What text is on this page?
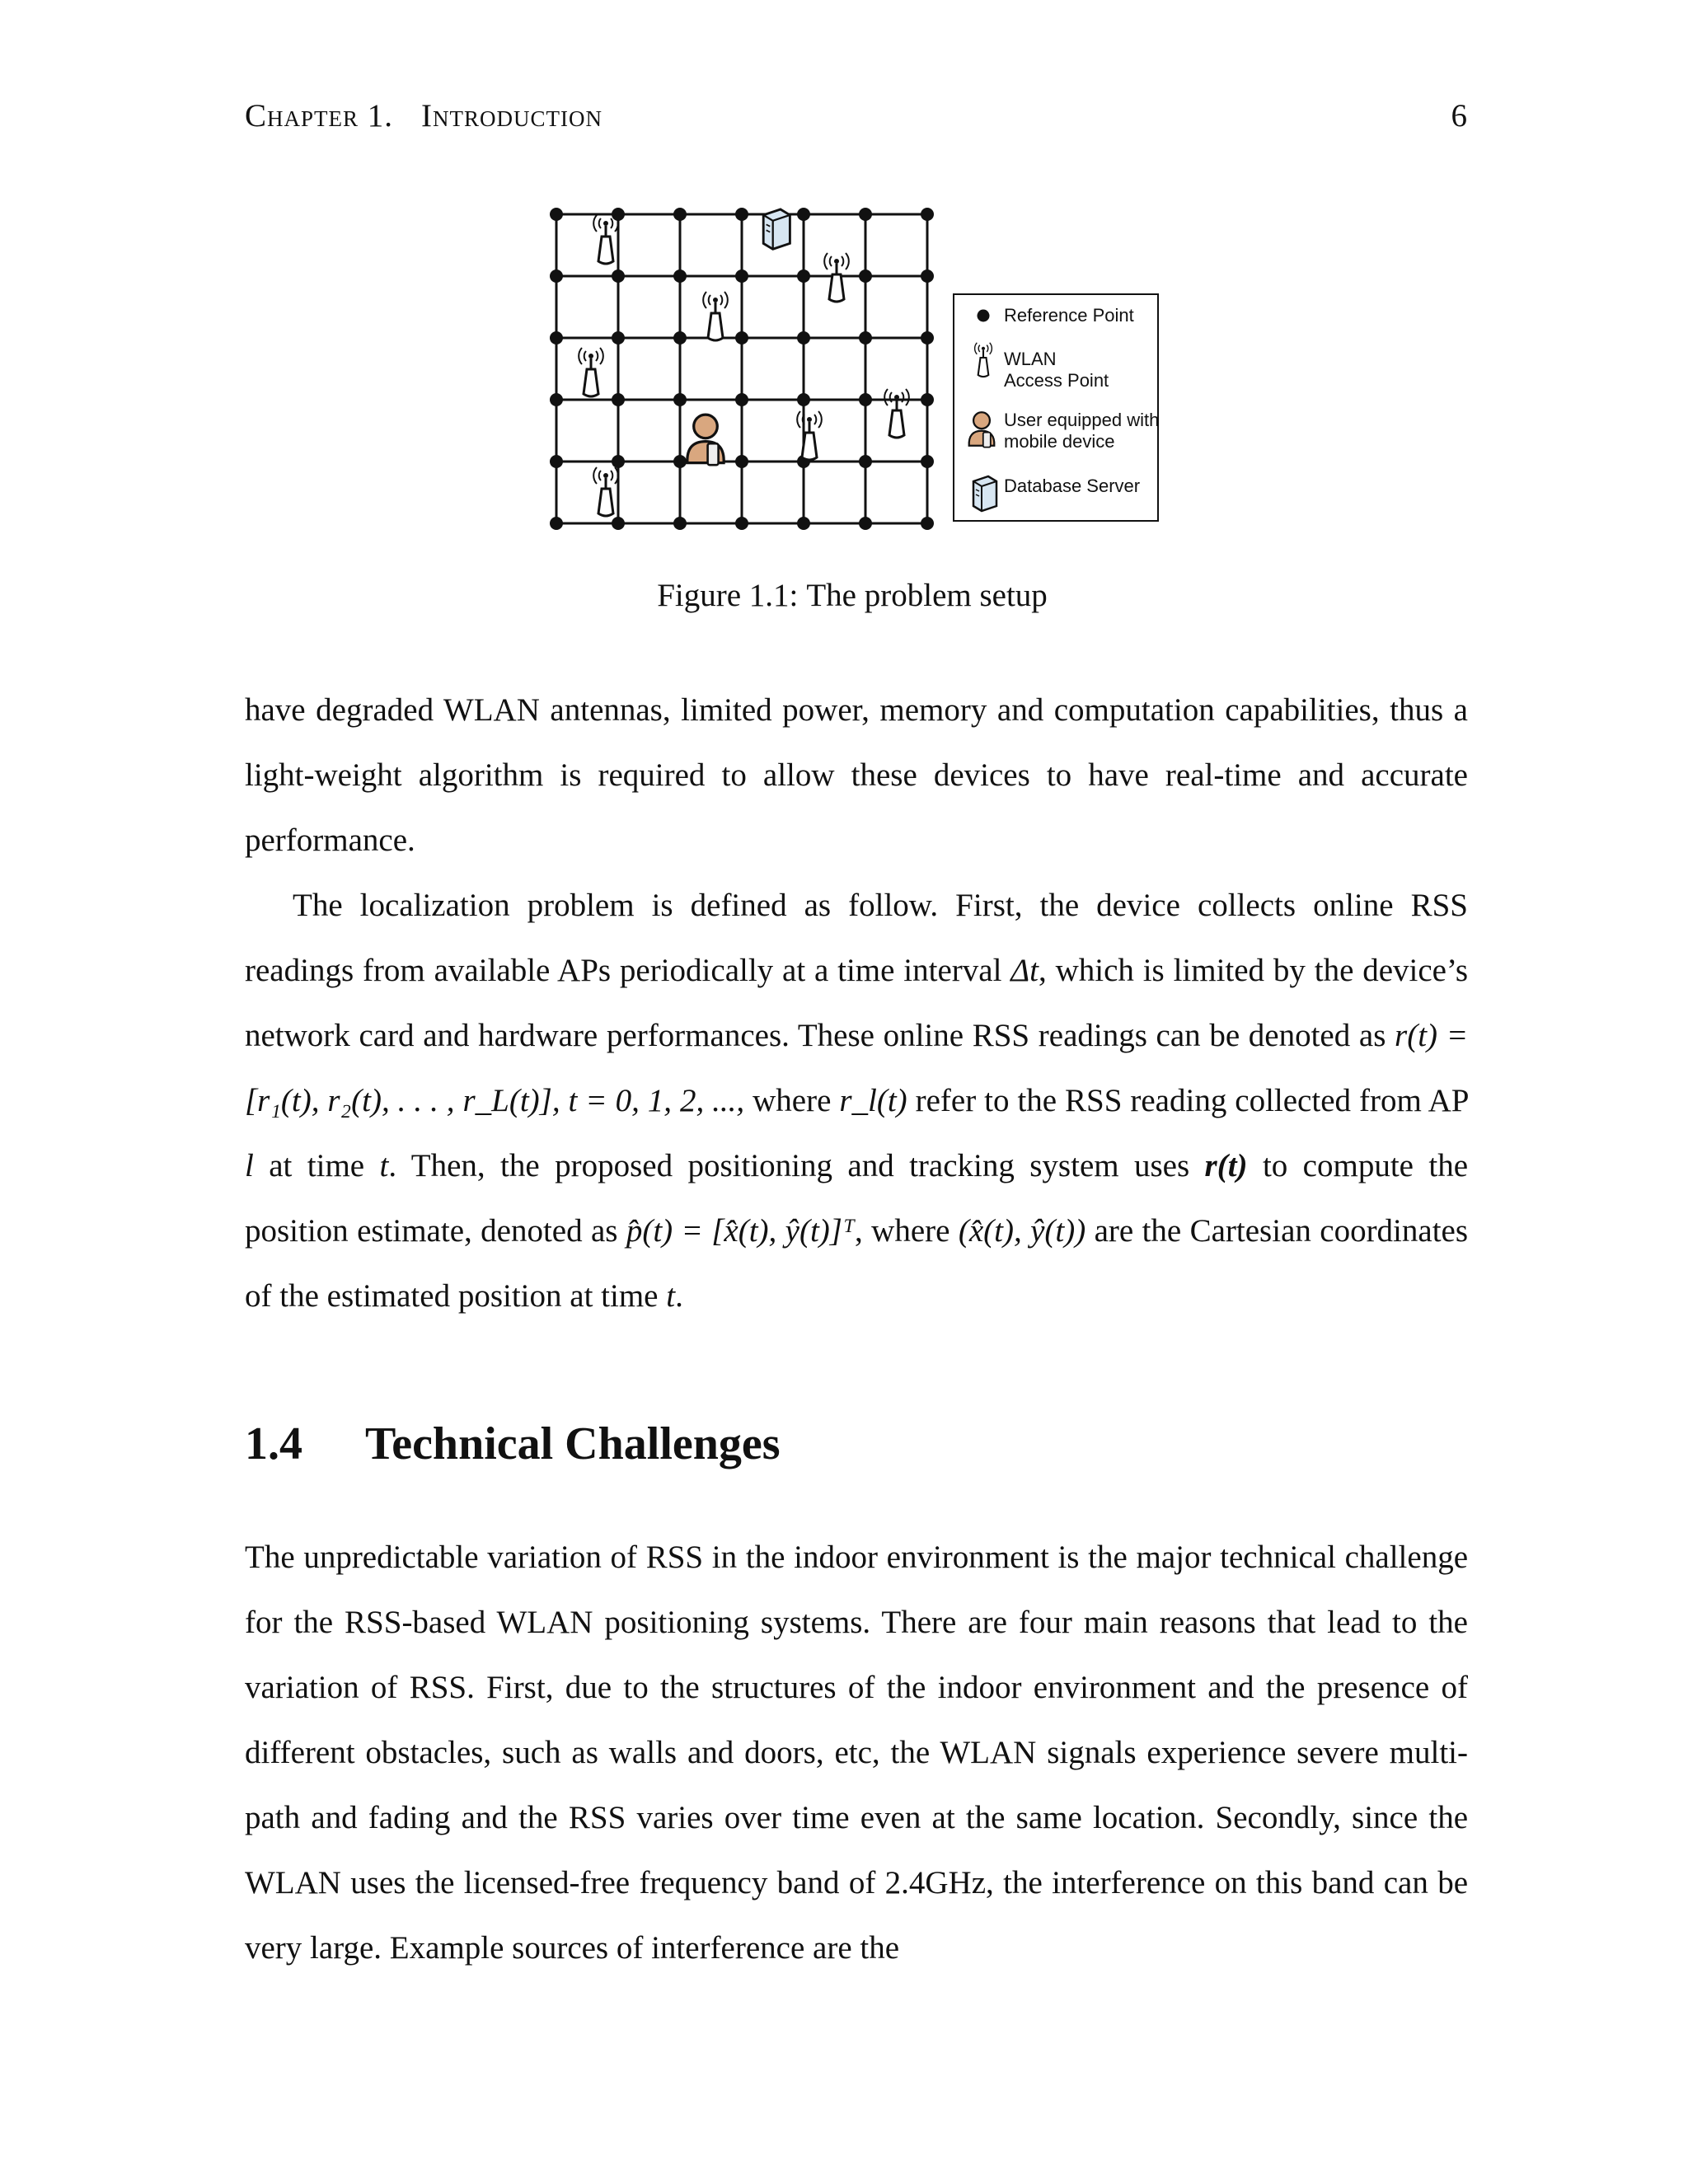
Chapter 1. Introduction	6
Reference Point
WLAN
Access Point
User equipped with
mobile device
Database Server
Figure 1.1: The problem setup

have degraded WLAN antennas, limited power, memory and computation capabilities, thus a light-weight algorithm is required to allow these devices to have real-time and accurate performance.

The localization problem is defined as follow. First, the device collects online RSS readings from available APs periodically at a time interval Δt, which is limited by the device’s network card and hardware performances. These online RSS readings can be denoted as r(t) = [r₁(t), r₂(t), . . . , r_L(t)], t = 0, 1, 2, ..., where r_l(t) refer to the RSS reading collected from AP l at time t. Then, the proposed positioning and tracking system uses r(t) to compute the position estimate, denoted as p̂(t) = [x̂(t), ŷ(t)]ᵀ, where (x̂(t), ŷ(t)) are the Cartesian coordinates of the estimated position at time t.

1.4 Technical Challenges

The unpredictable variation of RSS in the indoor environment is the major technical challenge for the RSS-based WLAN positioning systems. There are four main reasons that lead to the variation of RSS. First, due to the structures of the indoor environment and the presence of different obstacles, such as walls and doors, etc, the WLAN signals experience severe multi-path and fading and the RSS varies over time even at the same location. Secondly, since the WLAN uses the licensed-free frequency band of 2.4GHz, the interference on this band can be very large. Example sources of interference are the
